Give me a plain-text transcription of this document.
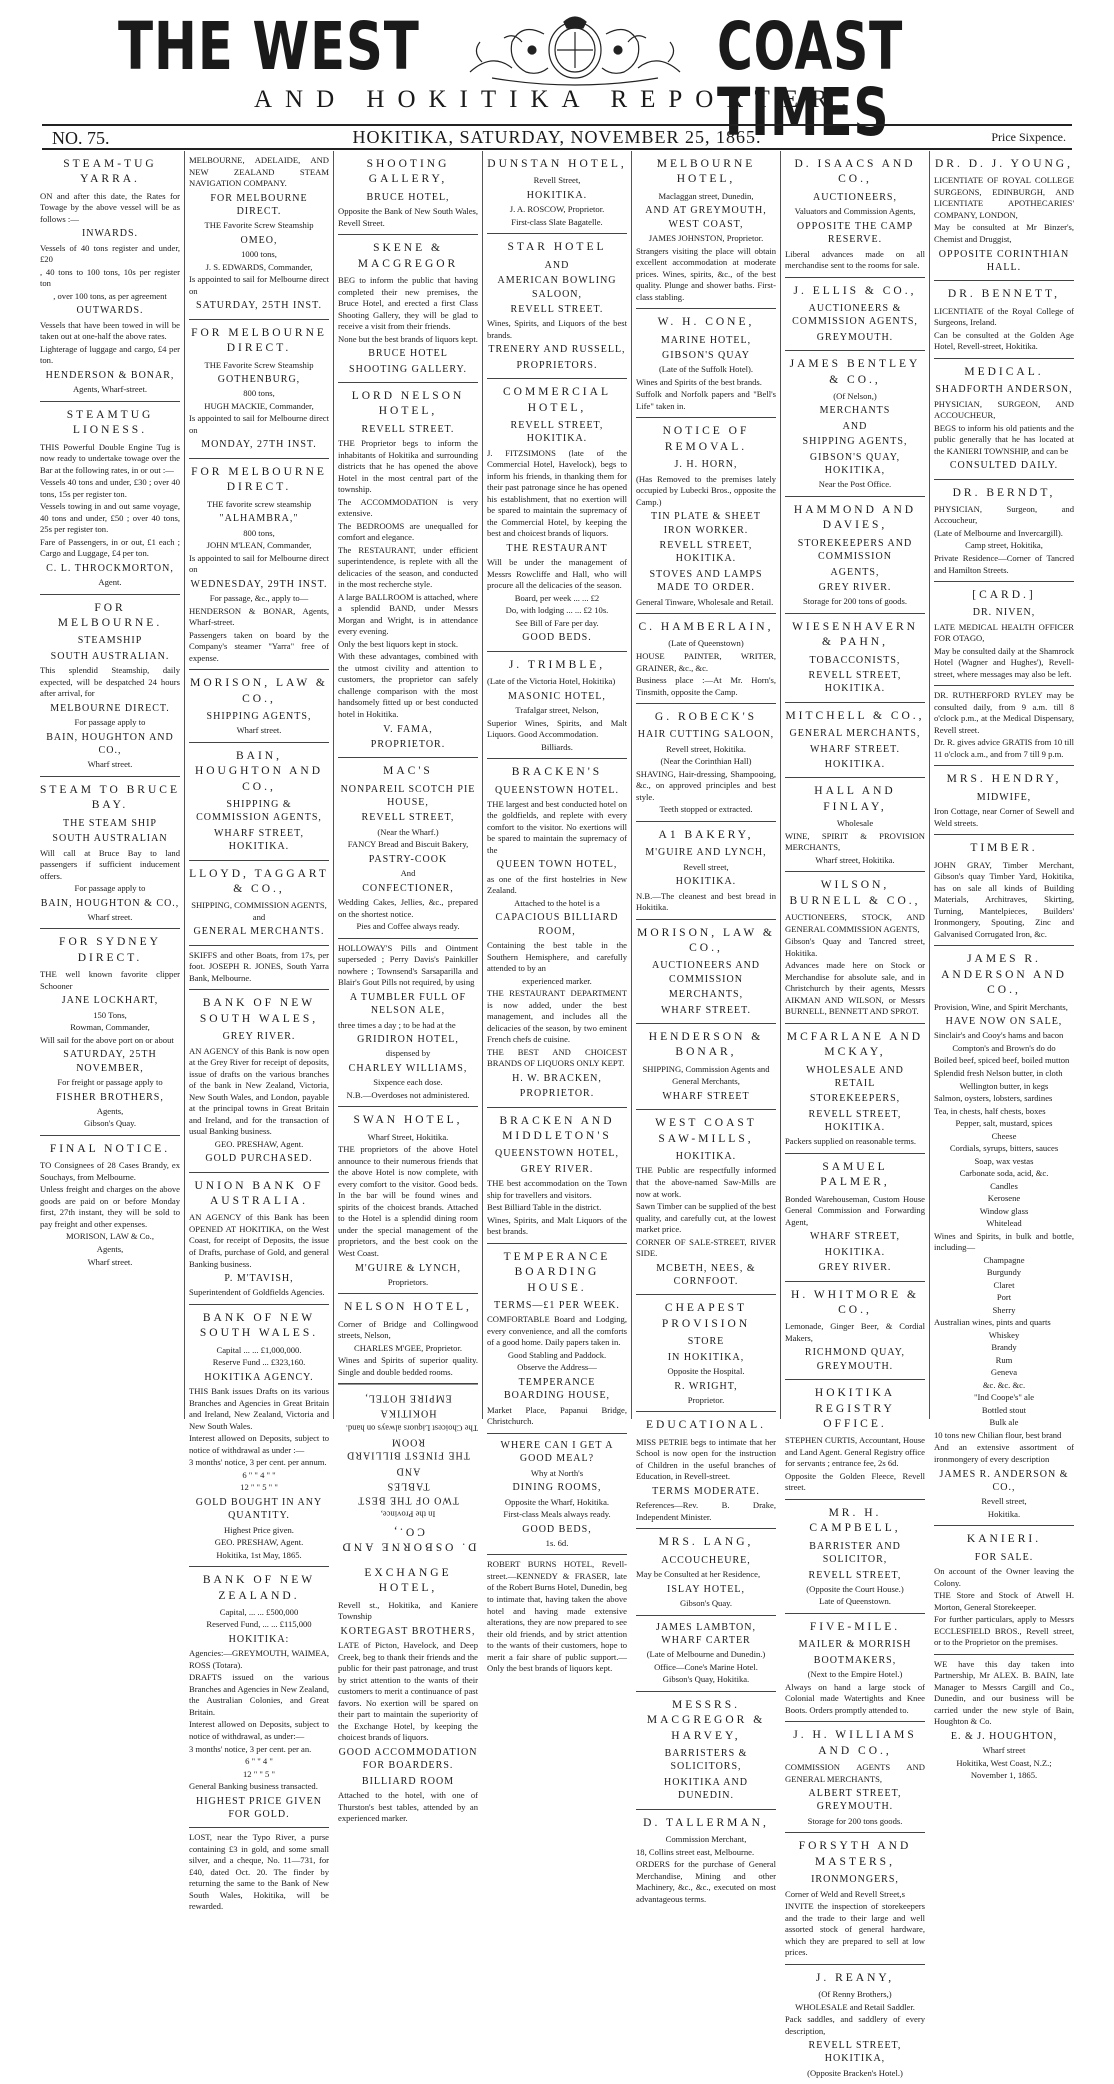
THE WEST	COAST TIMES
AND HOKITIKA REPORTER.
NO. 75.	HOKITIKA, SATURDAY, NOVEMBER 25, 1865.	Price Sixpence.
STEAM-TUG YARRA.
ON and after this date, the Rates for Towage by the above vessel will be as follows :—
INWARDS.
Vessels of 40 tons register and under, £20
, 40 tons to 100 tons, 10s per register ton
, over 100 tons, as per agreement
OUTWARDS.
Vessels that have been towed in will be taken out at one-half the above rates.
Lighterage of luggage and cargo, £4 per ton.
HENDERSON & BONAR,
Agents, Wharf-street.
STEAMTUG LIONESS.
THIS Powerful Double Engine Tug is now ready to undertake towage over the Bar at the following rates, in or out :—
Vessels 40 tons and under, £30 ; over 40 tons, 15s per register ton.
Vessels towing in and out same voyage, 40 tons and under, £50 ; over 40 tons, 25s per register ton.
Fare of Passengers, in or out, £1 each ; Cargo and Luggage, £4 per ton.
C. L. THROCKMORTON,
Agent.
FOR MELBOURNE.
STEAMSHIP
SOUTH AUSTRALIAN.
This splendid Steamship, daily expected, will be despatched 24 hours after arrival, for
MELBOURNE DIRECT.
For passage apply to
BAIN, HOUGHTON AND CO.,
Wharf street.
STEAM TO BRUCE BAY.
THE STEAM SHIP
SOUTH AUSTRALIAN
Will call at Bruce Bay to land passengers if sufficient inducement offers.
For passage apply to
BAIN, HOUGHTON & CO.,
Wharf street.
FOR SYDNEY DIRECT.
THE well known favorite clipper Schooner
JANE LOCKHART,
150 Tons,
Rowman, Commander,
Will sail for the above port on or about
SATURDAY, 25TH NOVEMBER,
For freight or passage apply to
FISHER BROTHERS,
Agents,
Gibson's Quay.
FINAL NOTICE.
TO Consignees of 28 Cases Brandy, ex Souchays, from Melbourne.
Unless freight and charges on the above goods are paid on or before Monday first, 27th instant, they will be sold to pay freight and other expenses.
MORISON, LAW & Co.,
Agents,
Wharf street.
MELBOURNE, ADELAIDE, AND NEW ZEALAND STEAM NAVIGATION COMPANY.
FOR MELBOURNE DIRECT.
THE Favorite Screw Steamship
OMEO,
1000 tons,
J. S. EDWARDS, Commander,
Is appointed to sail for Melbourne direct on
SATURDAY, 25TH INST.
FOR MELBOURNE DIRECT.
THE Favorite Screw Steamship
GOTHENBURG,
800 tons,
HUGH MACKIE, Commander,
Is appointed to sail for Melbourne direct on
MONDAY, 27TH INST.
FOR MELBOURNE DIRECT.
THE favorite screw steamship
"ALHAMBRA,"
800 tons,
JOHN M'LEAN, Commander,
Is appointed to sail for Melbourne direct on
WEDNESDAY, 29TH INST.
For passage, &c., apply to—
HENDERSON & BONAR, Agents, Wharf-street.
Passengers taken on board by the Company's steamer "Yarra" free of expense.
MORISON, LAW & CO.,
SHIPPING AGENTS,
Wharf street.
BAIN, HOUGHTON AND CO.,
SHIPPING & COMMISSION AGENTS,
WHARF STREET, HOKITIKA.
LLOYD, TAGGART & CO.,
SHIPPING, COMMISSION AGENTS, and
GENERAL MERCHANTS.
SKIFFS and other Boats, from 17s, per foot. JOSEPH R. JONES, South Yarra Bank, Melbourne.
BANK OF NEW SOUTH WALES,
GREY RIVER.
AN AGENCY of this Bank is now open at the Grey River for receipt of deposits, issue of drafts on the various branches of the bank in New Zealand, Victoria, New South Wales, and London, payable at the principal towns in Great Britain and Ireland, and for the transaction of usual Banking business.
GEO. PRESHAW, Agent.
GOLD PURCHASED.
UNION BANK OF AUSTRALIA.
AN AGENCY of this Bank has been OPENED AT HOKITIKA, on the West Coast, for receipt of Deposits, the issue of Drafts, purchase of Gold, and general Banking business.
P. M'TAVISH,
Superintendent of Goldfields Agencies.
BANK OF NEW SOUTH WALES.
Capital ... ... £1,000,000.
Reserve Fund ... £323,160.
HOKITIKA AGENCY.
THIS Bank issues Drafts on its various Branches and Agencies in Great Britain and Ireland, New Zealand, Victoria and New South Wales.
Interest allowed on Deposits, subject to notice of withdrawal as under :—
3 months' notice, 3 per cent. per annum.
6 " " 4 " "
12 " " 5 " "
GOLD BOUGHT IN ANY QUANTITY.
Highest Price given.
GEO. PRESHAW, Agent.
Hokitika, 1st May, 1865.
BANK OF NEW ZEALAND.
Capital, ... ... £500,000
Reserved Fund, ... ... £115,000
HOKITIKA:
Agencies:—GREYMOUTH, WAIMEA, ROSS (Totara).
DRAFTS issued on the various Branches and Agencies in New Zealand, the Australian Colonies, and Great Britain.
Interest allowed on Deposits, subject to notice of withdrawal, as under:—
3 months' notice, 3 per cent. per an.
6 " " 4 "
12 " " 5 "
General Banking business transacted.
HIGHEST PRICE GIVEN FOR GOLD.
LOST, near the Typo River, a purse containing £3 in gold, and some small silver, and a cheque, No. 11—731, for £40, dated Oct. 20. The finder by returning the same to the Bank of New South Wales, Hokitika, will be rewarded.
SHOOTING GALLERY,
BRUCE HOTEL,
Opposite the Bank of New South Wales, Revell Street.
SKENE & MACGREGOR
BEG to inform the public that having completed their new premises, the Bruce Hotel, and erected a first Class Shooting Gallery, they will be glad to receive a visit from their friends.
None but the best brands of liquors kept.
BRUCE HOTEL
SHOOTING GALLERY.
LORD NELSON HOTEL,
REVELL STREET.
THE Proprietor begs to inform the inhabitants of Hokitika and surrounding districts that he has opened the above Hotel in the most central part of the township.
The ACCOMMODATION is very extensive.
The BEDROOMS are unequalled for comfort and elegance.
The RESTAURANT, under efficient superintendence, is replete with all the delicacies of the season, and conducted in the most recherche style.
A large BALLROOM is attached, where a splendid BAND, under Messrs Morgan and Wright, is in attendance every evening.
Only the best liquors kept in stock.
With these advantages, combined with the utmost civility and attention to customers, the proprietor can safely challenge comparison with the most handsomely fitted up or best conducted hotel in Hokitika.
V. FAMA,
PROPRIETOR.
MAC'S
NONPAREIL SCOTCH PIE HOUSE,
REVELL STREET,
(Near the Wharf.)
FANCY Bread and Biscuit Bakery,
PASTRY-COOK
And
CONFECTIONER,
Wedding Cakes, Jellies, &c., prepared on the shortest notice.
Pies and Coffee always ready.
HOLLOWAY'S Pills and Ointment superseded ; Perry Davis's Painkiller nowhere ; Townsend's Sarsaparilla and Blair's Gout Pills not required, by using
A TUMBLER FULL OF NELSON ALE,
three times a day ; to be had at the
GRIDIRON HOTEL,
dispensed by
CHARLEY WILLIAMS,
Sixpence each dose.
N.B.—Overdoses not administered.
SWAN HOTEL,
Wharf Street, Hokitika.
THE proprietors of the above Hotel announce to their numerous friends that the above Hotel is now complete, with every comfort to the visitor. Good beds. In the bar will be found wines and spirits of the choicest brands. Attached to the Hotel is a splendid dining room under the special management of the proprietors, and the best cook on the West Coast.
M'GUIRE & LYNCH,
Proprietors.
NELSON HOTEL,
Corner of Bridge and Collingwood streets, Nelson,
CHARLES M'GEE, Proprietor.
Wines and Spirits of superior quality. Single and double bedded rooms.
D. OSBORNE AND CO.,
In the Province,
TWO OF THE BEST TABLES
AND
THE FINEST BILLIARD ROOM
The Choicest Liquors always on hand.
HOKITIKA
EMPIRE HOTEL,
EXCHANGE HOTEL,
Revell st., Hokitika, and Kaniere Township
KORTEGAST BROTHERS,
LATE of Picton, Havelock, and Deep Creek, beg to thank their friends and the public for their past patronage, and trust by strict attention to the wants of their customers to merit a continuance of past favors. No exertion will be spared on their part to maintain the superiority of the Exchange Hotel, by keeping the choicest brands of liquors.
GOOD ACCOMMODATION FOR BOARDERS.
BILLIARD ROOM
Attached to the hotel, with one of Thurston's best tables, attended by an experienced marker.
DUNSTAN HOTEL,
Revell Street,
HOKITIKA.
J. A. ROSCOW, Proprietor.
First-class Slate Bagatelle.
STAR HOTEL
AND
AMERICAN BOWLING SALOON,
REVELL STREET.
Wines, Spirits, and Liquors of the best brands.
TRENERY AND RUSSELL,
PROPRIETORS.
COMMERCIAL HOTEL,
REVELL STREET, HOKITIKA.
J. FITZSIMONS (late of the Commercial Hotel, Havelock), begs to inform his friends, in thanking them for their past patronage since he has opened his establishment, that no exertion will be spared to maintain the supremacy of the Commercial Hotel, by keeping the best and choicest brands of liquors.
THE RESTAURANT
Will be under the management of Messrs Rowcliffe and Hall, who will procure all the delicacies of the season.
Board, per week ... ... £2
Do, with lodging ... ... £2 10s.
See Bill of Fare per day.
GOOD BEDS.
J. TRIMBLE,
(Late of the Victoria Hotel, Hokitika)
MASONIC HOTEL,
Trafalgar street, Nelson,
Superior Wines, Spirits, and Malt Liquors. Good Accommodation.
Billiards.
BRACKEN'S
QUEENSTOWN HOTEL.
THE largest and best conducted hotel on the goldfields, and replete with every comfort to the visitor. No exertions will be spared to maintain the supremacy of the
QUEEN TOWN HOTEL,
as one of the first hostelries in New Zealand.
Attached to the hotel is a
CAPACIOUS BILLIARD ROOM,
Containing the best table in the Southern Hemisphere, and carefully attended to by an
experienced marker.
THE RESTAURANT DEPARTMENT is now added, under the best management, and includes all the delicacies of the season, by two eminent French chefs de cuisine.
THE BEST AND CHOICEST BRANDS OF LIQUORS ONLY KEPT.
H. W. BRACKEN,
PROPRIETOR.
BRACKEN AND MIDDLETON'S
QUEENSTOWN HOTEL,
GREY RIVER.
THE best accommodation on the Town ship for travellers and visitors.
Best Billiard Table in the district.
Wines, Spirits, and Malt Liquors of the best brands.
TEMPERANCE BOARDING HOUSE.
TERMS—£1 PER WEEK.
COMFORTABLE Board and Lodging, every convenience, and all the comforts of a good home. Daily papers taken in.
Good Stabling and Paddock.
Observe the Address—
TEMPERANCE BOARDING HOUSE,
Market Place, Papanui Bridge, Christchurch.
WHERE CAN I GET A GOOD MEAL?
Why at North's
DINING ROOMS,
Opposite the Wharf, Hokitika.
First-class Meals always ready.
GOOD BEDS,
1s. 6d.
ROBERT BURNS HOTEL, Revell-street.—KENNEDY & FRASER, late of the Robert Burns Hotel, Dunedin, beg to intimate that, having taken the above hotel and having made extensive alterations, they are now prepared to see their old friends, and by strict attention to the wants of their customers, hope to merit a fair share of public support.—Only the best brands of liquors kept.
MELBOURNE HOTEL,
Maclaggan street, Dunedin,
AND AT GREYMOUTH, WEST COAST,
JAMES JOHNSTON, Proprietor.
Strangers visiting the place will obtain excellent accommodation at moderate prices. Wines, spirits, &c., of the best quality. Plunge and shower baths. First-class stabling.
W. H. CONE,
MARINE HOTEL,
GIBSON'S QUAY
(Late of the Suffolk Hotel).
Wines and Spirits of the best brands.
Suffolk and Norfolk papers and "Bell's Life" taken in.
NOTICE OF REMOVAL.
J. H. HORN,
(Has Removed to the premises lately occupied by Lubecki Bros., opposite the Camp.)
TIN PLATE & SHEET IRON WORKER.
REVELL STREET, HOKITIKA.
STOVES AND LAMPS MADE TO ORDER.
General Tinware, Wholesale and Retail.
C. HAMBERLAIN,
(Late of Queenstown)
HOUSE PAINTER, WRITER, GRAINER, &c., &c.
Business place :—At Mr. Horn's, Tinsmith, opposite the Camp.
G. ROBECK'S
HAIR CUTTING SALOON,
Revell street, Hokitika.
(Near the Corinthian Hall)
SHAVING, Hair-dressing, Shampooing, &c., on approved principles and best style.
Teeth stopped or extracted.
A1 BAKERY,
M'GUIRE AND LYNCH,
Revell street,
HOKITIKA.
N.B.—The cleanest and best bread in Hokitika.
MORISON, LAW & CO.,
AUCTIONEERS AND COMMISSION
MERCHANTS,
WHARF STREET.
HENDERSON & BONAR,
SHIPPING, Commission Agents and
General Merchants,
WHARF STREET
WEST COAST SAW-MILLS,
HOKITIKA.
THE Public are respectfully informed that the above-named Saw-Mills are now at work.
Sawn Timber can be supplied of the best quality, and carefully cut, at the lowest market price.
CORNER OF SALE-STREET, RIVER SIDE.
MCBETH, NEES, & CORNFOOT.
CHEAPEST PROVISION
STORE
IN HOKITIKA,
Opposite the Hospital.
R. WRIGHT,
Proprietor.
EDUCATIONAL.
MISS PETRIE begs to intimate that her School is now open for the instruction of Children in the useful branches of Education, in Revell-street.
TERMS MODERATE.
References—Rev. B. Drake, Independent Minister.
MRS. LANG,
ACCOUCHEURE,
May be Consulted at her Residence,
ISLAY HOTEL,
Gibson's Quay.
JAMES LAMBTON, WHARF CARTER
(Late of Melbourne and Dunedin.)
Office—Cone's Marine Hotel.
Gibson's Quay, Hokitika.
MESSRS. MACGREGOR & HARVEY,
BARRISTERS & SOLICITORS,
HOKITIKA AND DUNEDIN.
D. TALLERMAN,
Commission Merchant,
18, Collins street east, Melbourne.
ORDERS for the purchase of General Merchandise, Mining and other Machinery, &c., &c., executed on most advantageous terms.
D. ISAACS AND CO.,
AUCTIONEERS,
Valuators and Commission Agents,
OPPOSITE THE CAMP RESERVE.
Liberal advances made on all merchandise sent to the rooms for sale.
J. ELLIS & CO.,
AUCTIONEERS & COMMISSION AGENTS,
GREYMOUTH.
JAMES BENTLEY & CO.,
(Of Nelson,)
MERCHANTS
AND
SHIPPING AGENTS,
GIBSON'S QUAY, HOKITIKA,
Near the Post Office.
HAMMOND AND DAVIES,
STOREKEEPERS AND COMMISSION
AGENTS,
GREY RIVER.
Storage for 200 tons of goods.
WIESENHAVERN & PAHN,
TOBACCONISTS,
REVELL STREET, HOKITIKA.
MITCHELL & CO.,
GENERAL MERCHANTS,
WHARF STREET.
HOKITIKA.
HALL AND FINLAY,
Wholesale
WINE, SPIRIT & PROVISION MERCHANTS,
Wharf street, Hokitika.
WILSON, BURNELL & CO.,
AUCTIONEERS, STOCK, AND GENERAL COMMISSION AGENTS,
Gibson's Quay and Tancred street, Hokitika.
Advances made here on Stock or Merchandise for absolute sale, and in Christchurch by their agents, Messrs AIKMAN AND WILSON, or Messrs BURNELL, BENNETT AND SPROT.
MCFARLANE AND MCKAY,
WHOLESALE AND RETAIL
STOREKEEPERS,
REVELL STREET, HOKITIKA.
Packers supplied on reasonable terms.
SAMUEL PALMER,
Bonded Warehouseman, Custom House General Commission and Forwarding Agent,
WHARF STREET,
HOKITIKA.
GREY RIVER.
H. WHITMORE & CO.,
Lemonade, Ginger Beer, & Cordial Makers,
RICHMOND QUAY, GREYMOUTH.
HOKITIKA REGISTRY OFFICE.
STEPHEN CURTIS, Accountant, House and Land Agent. General Registry office for servants ; entrance fee, 2s 6d.
Opposite the Golden Fleece, Revell street.
MR. H. CAMPBELL,
BARRISTER AND SOLICITOR,
REVELL STREET,
(Opposite the Court House.)
Late of Queenstown.
FIVE-MILE.
MAILER & MORRISH
BOOTMAKERS,
(Next to the Empire Hotel.)
Always on hand a large stock of Colonial made Watertights and Knee Boots. Orders promptly attended to.
J. H. WILLIAMS AND CO.,
COMMISSION AGENTS AND GENERAL MERCHANTS,
ALBERT STREET, GREYMOUTH.
Storage for 200 tons goods.
FORSYTH AND MASTERS,
IRONMONGERS,
Corner of Weld and Revell Street,s
INVITE the inspection of storekeepers and the trade to their large and well assorted stock of general hardware, which they are prepared to sell at low prices.
J. REANY,
(Of Renny Brothers,)
WHOLESALE and Retail Saddler.
Pack saddles, and saddlery of every description,
REVELL STREET, HOKITIKA,
(Opposite Bracken's Hotel.)
DR. D. J. YOUNG,
LICENTIATE OF ROYAL COLLEGE SURGEONS, EDINBURGH, AND LICENTIATE APOTHECARIES' COMPANY, LONDON,
May be consulted at Mr Binzer's, Chemist and Druggist,
OPPOSITE CORINTHIAN HALL.
DR. BENNETT,
LICENTIATE of the Royal College of Surgeons, Ireland.
Can be consulted at the Golden Age Hotel, Revell-street, Hokitika.
MEDICAL.
SHADFORTH ANDERSON,
PHYSICIAN, SURGEON, AND ACCOUCHEUR,
BEGS to inform his old patients and the public generally that he has located at the KANIERI TOWNSHIP, and can be
CONSULTED DAILY.
DR. BERNDT,
PHYSICIAN, Surgeon, and Accoucheur,
(Late of Melbourne and Invercargill).
Camp street, Hokitika,
Private Residence—Corner of Tancred and Hamilton Streets.
[CARD.]
DR. NIVEN,
LATE MEDICAL HEALTH OFFICER FOR OTAGO,
May be consulted daily at the Shamrock Hotel (Wagner and Hughes'), Revell-street, where messages may also be left.
DR. RUTHERFORD RYLEY may be consulted daily, from 9 a.m. till 8 o'clock p.m., at the Medical Dispensary, Revell street.
Dr. R. gives advice GRATIS from 10 till 11 o'clock a.m., and from 7 till 9 p.m.
MRS. HENDRY,
MIDWIFE,
Iron Cottage, near Corner of Sewell and Weld streets.
TIMBER.
JOHN GRAY, Timber Merchant, Gibson's quay Timber Yard, Hokitika, has on sale all kinds of Building Materials, Architraves, Skirting, Turning, Mantelpieces, Builders' Ironmongery, Spouting, Zinc and Galvanised Corrugated Iron, &c.
JAMES R. ANDERSON AND CO.,
Provision, Wine, and Spirit Merchants,
HAVE NOW ON SALE,
Sinclair's and Cooy's hams and bacon
Compton's and Brown's do do
Boiled beef, spiced beef, boiled mutton
Splendid fresh Nelson butter, in cloth
Wellington butter, in kegs
Salmon, oysters, lobsters, sardines
Tea, in chests, half chests, boxes
Pepper, salt, mustard, spices
Cheese
Cordials, syrups, bitters, sauces
Soap, wax vestas
Carbonate soda, acid, &c.
Candles
Kerosene
Window glass
Whitelead
Wines and Spirits, in bulk and bottle, including—
Champagne
Burgundy
Claret
Port
Sherry
Australian wines, pints and quarts
Whiskey
Brandy
Rum
Geneva
&c. &c. &c.
"Ind Coope's" ale
Bottled stout
Bulk ale
10 tons new Chilian flour, best brand
And an extensive assortment of ironmongery of every description
JAMES R. ANDERSON & CO.,
Revell street,
Hokitika.
KANIERI.
FOR SALE.
On account of the Owner leaving the Colony.
THE Store and Stock of Atwell H. Morton, General Storekeeper.
For further particulars, apply to Messrs ECCLESFIELD BROS., Revell street, or to the Proprietor on the premises.
WE have this day taken into Partnership, Mr ALEX. B. BAIN, late Manager to Messrs Cargill and Co., Dunedin, and our business will be carried under the new style of Bain, Houghton & Co.
E. & J. HOUGHTON,
Wharf street
Hokitika, West Coast, N.Z.;
November 1, 1865.
